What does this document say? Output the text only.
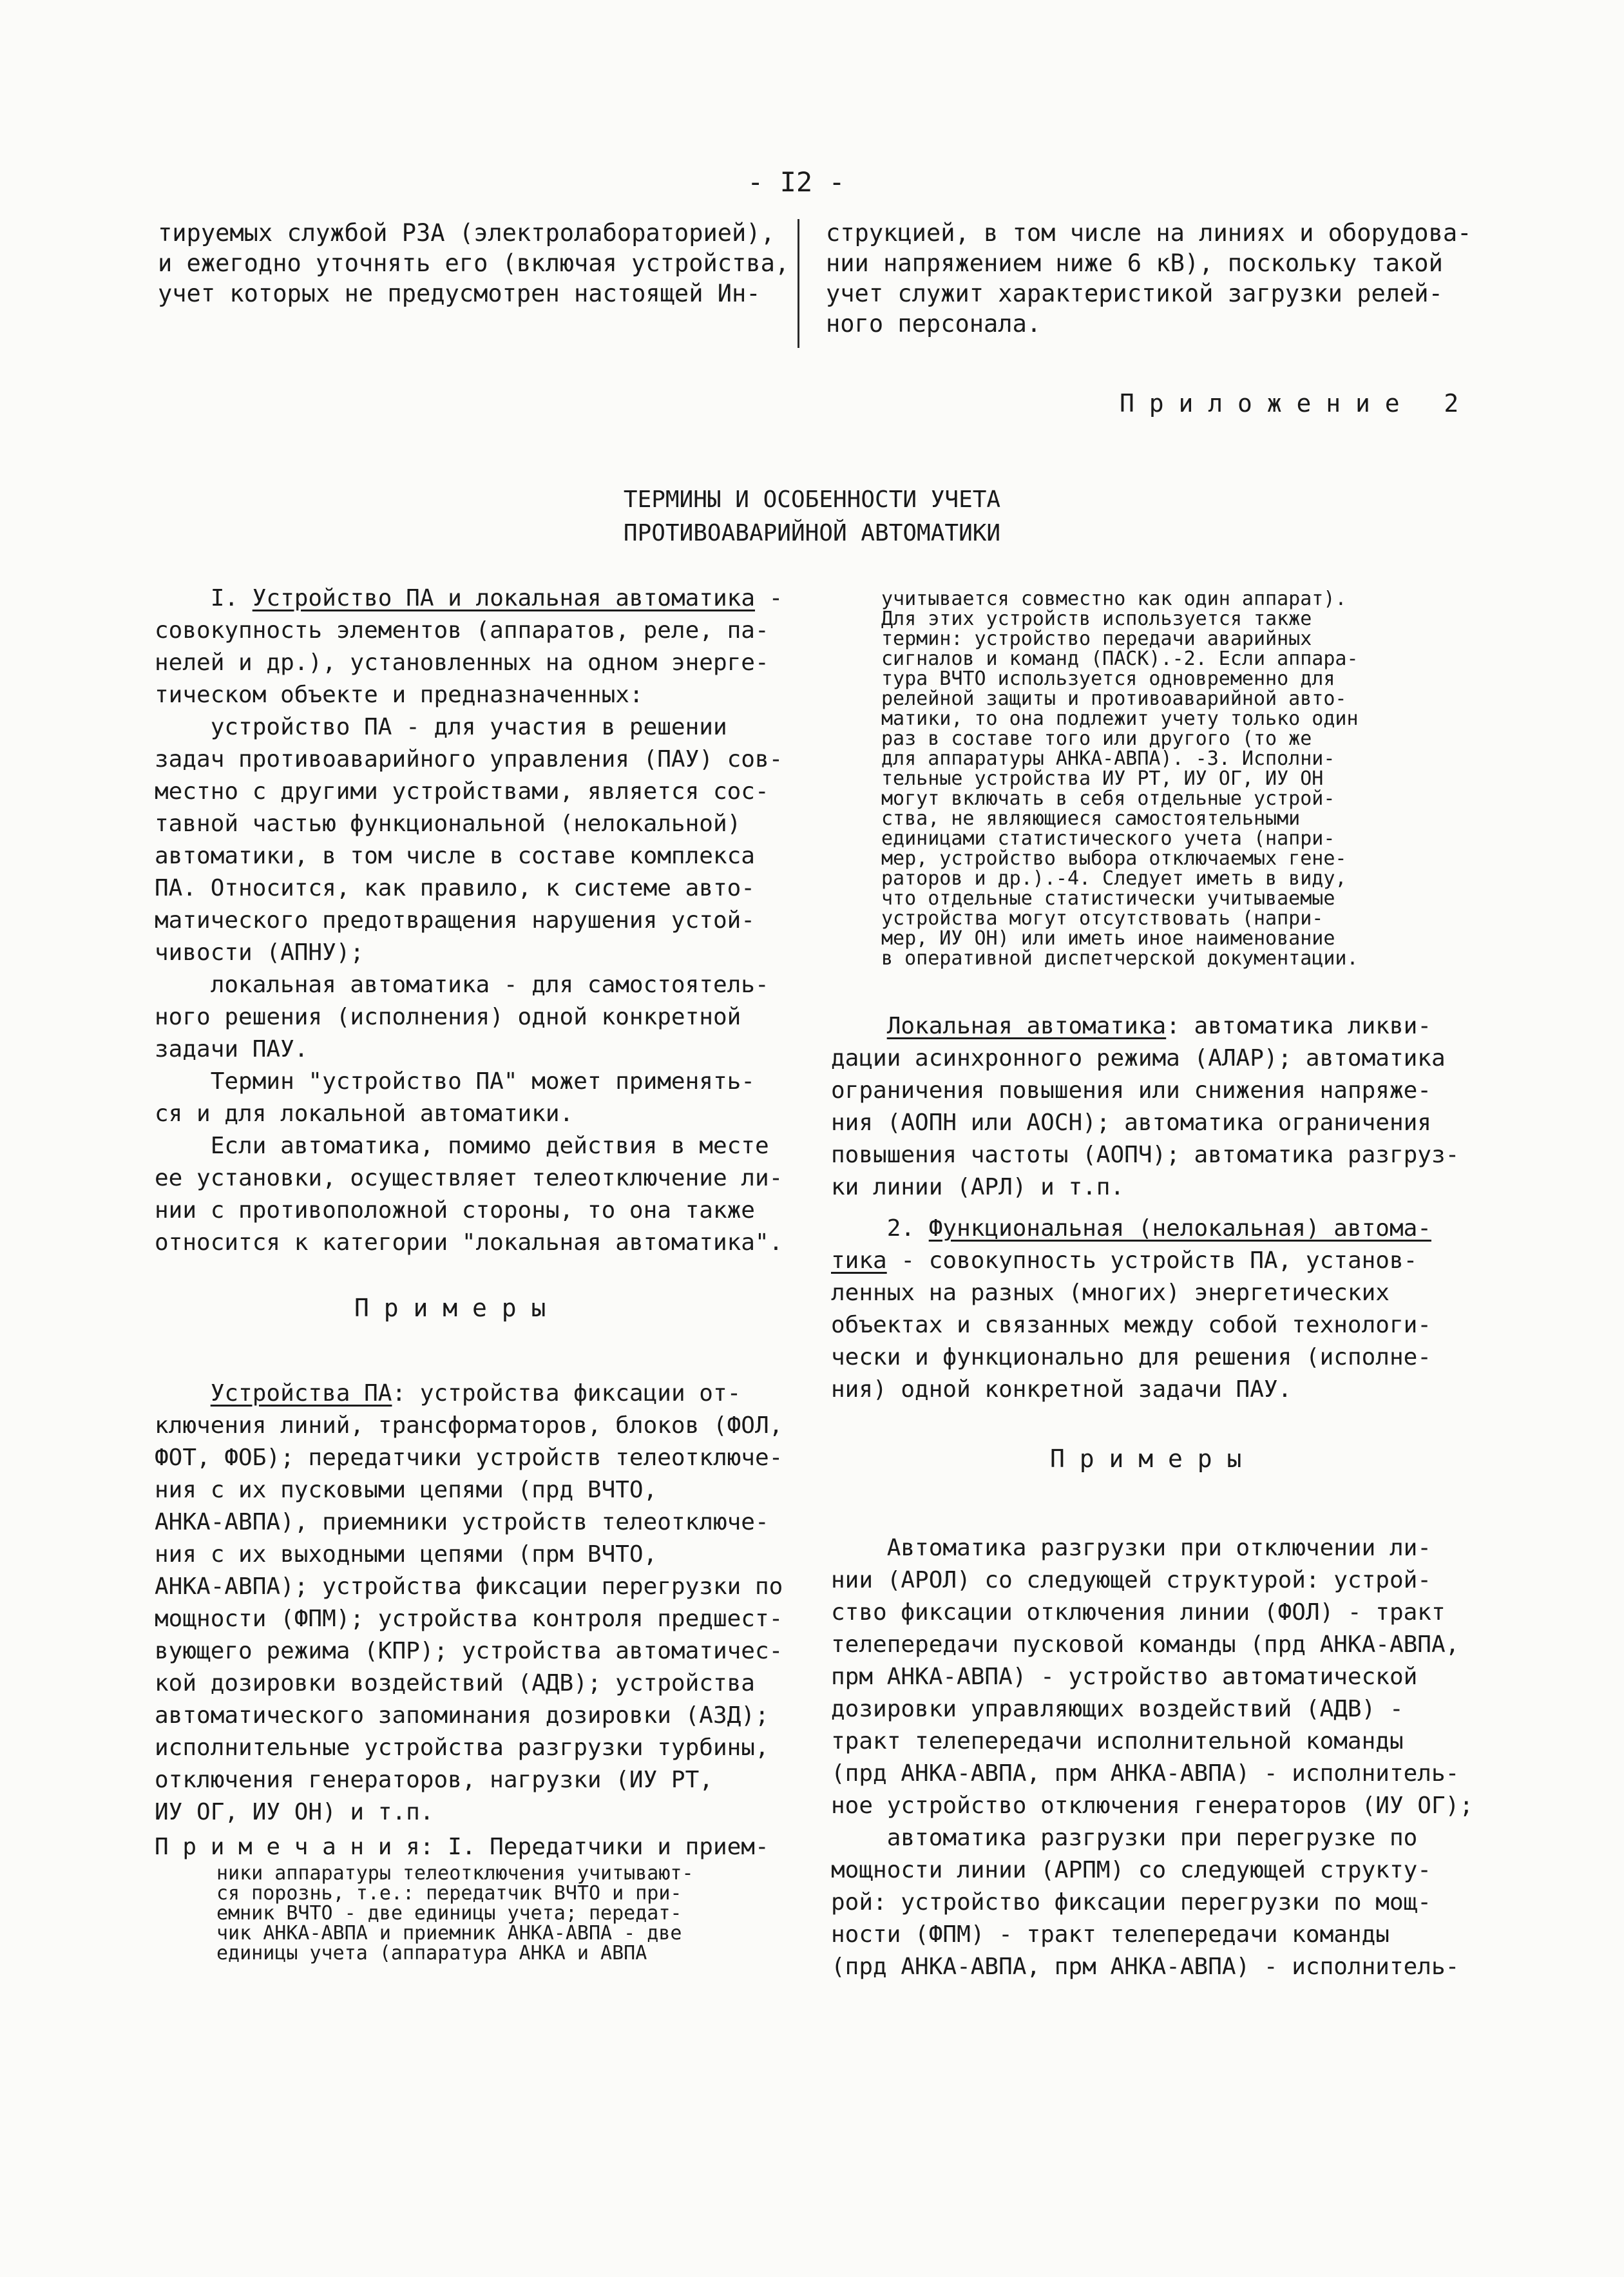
- I2 -
тируемых службой РЗА (электролабораторией),
и ежегодно уточнять его (включая устройства,
учет которых не предусмотрен настоящей Ин-
струкцией, в том числе на линиях и оборудова-
нии напряжением ниже 6 кВ), поскольку такой
учет служит характеристикой загрузки релей-
ного персонала.
П р и л о ж е н и е   2
ТЕРМИНЫ И ОСОБЕННОСТИ УЧЕТА
ПРОТИВОАВАРИЙНОЙ АВТОМАТИКИ
I. Устройство ПА и локальная автоматика -
совокупность элементов (аппаратов, реле, па-
нелей и др.), установленных на одном энерге-
тическом объекте и предназначенных:
устройство ПА - для участия в решении
задач противоаварийного управления (ПАУ) сов-
местно с другими устройствами, является сос-
тавной частью функциональной (нелокальной)
автоматики, в том числе в составе комплекса
ПА. Относится, как правило, к системе авто-
матического предотвращения нарушения устой-
чивости (АПНУ);
локальная автоматика - для самостоятель-
ного решения (исполнения) одной конкретной
задачи ПАУ.
Термин "устройство ПА" может применять-
ся и для локальной автоматики.
Если автоматика, помимо действия в месте
ее установки, осуществляет телеотключение ли-
нии с противоположной стороны, то она также
относится к категории "локальная автоматика".
П р и м е р ы
Устройства ПА: устройства фиксации от-
ключения линий, трансформаторов, блоков (ФОЛ,
ФОТ, ФОБ); передатчики устройств телеотключе-
ния с их пусковыми цепями (прд ВЧТО,
АНКА-АВПА), приемники устройств телеотключе-
ния с их выходными цепями (прм ВЧТО,
АНКА-АВПА); устройства фиксации перегрузки по
мощности (ФПМ); устройства контроля предшест-
вующего режима (КПР); устройства автоматичес-
кой дозировки воздействий (АДВ); устройства
автоматического запоминания дозировки (АЗД);
исполнительные устройства разгрузки турбины,
отключения генераторов, нагрузки (ИУ РТ,
ИУ ОГ, ИУ ОН) и т.п.
П р и м е ч а н и я: I. Передатчики и прием-
ники аппаратуры телеотключения учитывают-
ся порознь, т.е.: передатчик ВЧТО и при-
емник ВЧТО - две единицы учета; передат-
чик АНКА-АВПА и приемник АНКА-АВПА - две
единицы учета (аппаратура АНКА и АВПА
учитывается совместно как один аппарат).
Для этих устройств используется также
термин: устройство передачи аварийных
сигналов и команд (ПАСК).-2. Если аппара-
тура ВЧТО используется одновременно для
релейной защиты и противоаварийной авто-
матики, то она подлежит учету только один
раз в составе того или другого (то же
для аппаратуры АНКА-АВПА). -3. Исполни-
тельные устройства ИУ РТ, ИУ ОГ, ИУ ОН
могут включать в себя отдельные устрой-
ства, не являющиеся самостоятельными
единицами статистического учета (напри-
мер, устройство выбора отключаемых гене-
раторов и др.).-4. Следует иметь в виду,
что отдельные статистически учитываемые
устройства могут отсутствовать (напри-
мер, ИУ ОН) или иметь иное наименование
в оперативной диспетчерской документации.
Локальная автоматика: автоматика ликви-
дации асинхронного режима (АЛАР); автоматика
ограничения повышения или снижения напряже-
ния (АОПН или АОСН); автоматика ограничения
повышения частоты (АОПЧ); автоматика разгруз-
ки линии (АРЛ) и т.п.
2. Функциональная (нелокальная) автома-
тика - совокупность устройств ПА, установ-
ленных на разных (многих) энергетических
объектах и связанных между собой технологи-
чески и функционально для решения (исполне-
ния) одной конкретной задачи ПАУ.
П р и м е р ы
Автоматика разгрузки при отключении ли-
нии (АРОЛ) со следующей структурой: устрой-
ство фиксации отключения линии (ФОЛ) - тракт
телепередачи пусковой команды (прд АНКА-АВПА,
прм АНКА-АВПА) - устройство автоматической
дозировки управляющих воздействий (АДВ) -
тракт телепередачи исполнительной команды
(прд АНКА-АВПА, прм АНКА-АВПА) - исполнитель-
ное устройство отключения генераторов (ИУ ОГ);
автоматика разгрузки при перегрузке по
мощности линии (АРПМ) со следующей структу-
рой: устройство фиксации перегрузки по мощ-
ности (ФПМ) - тракт телепередачи команды
(прд АНКА-АВПА, прм АНКА-АВПА) - исполнитель-
